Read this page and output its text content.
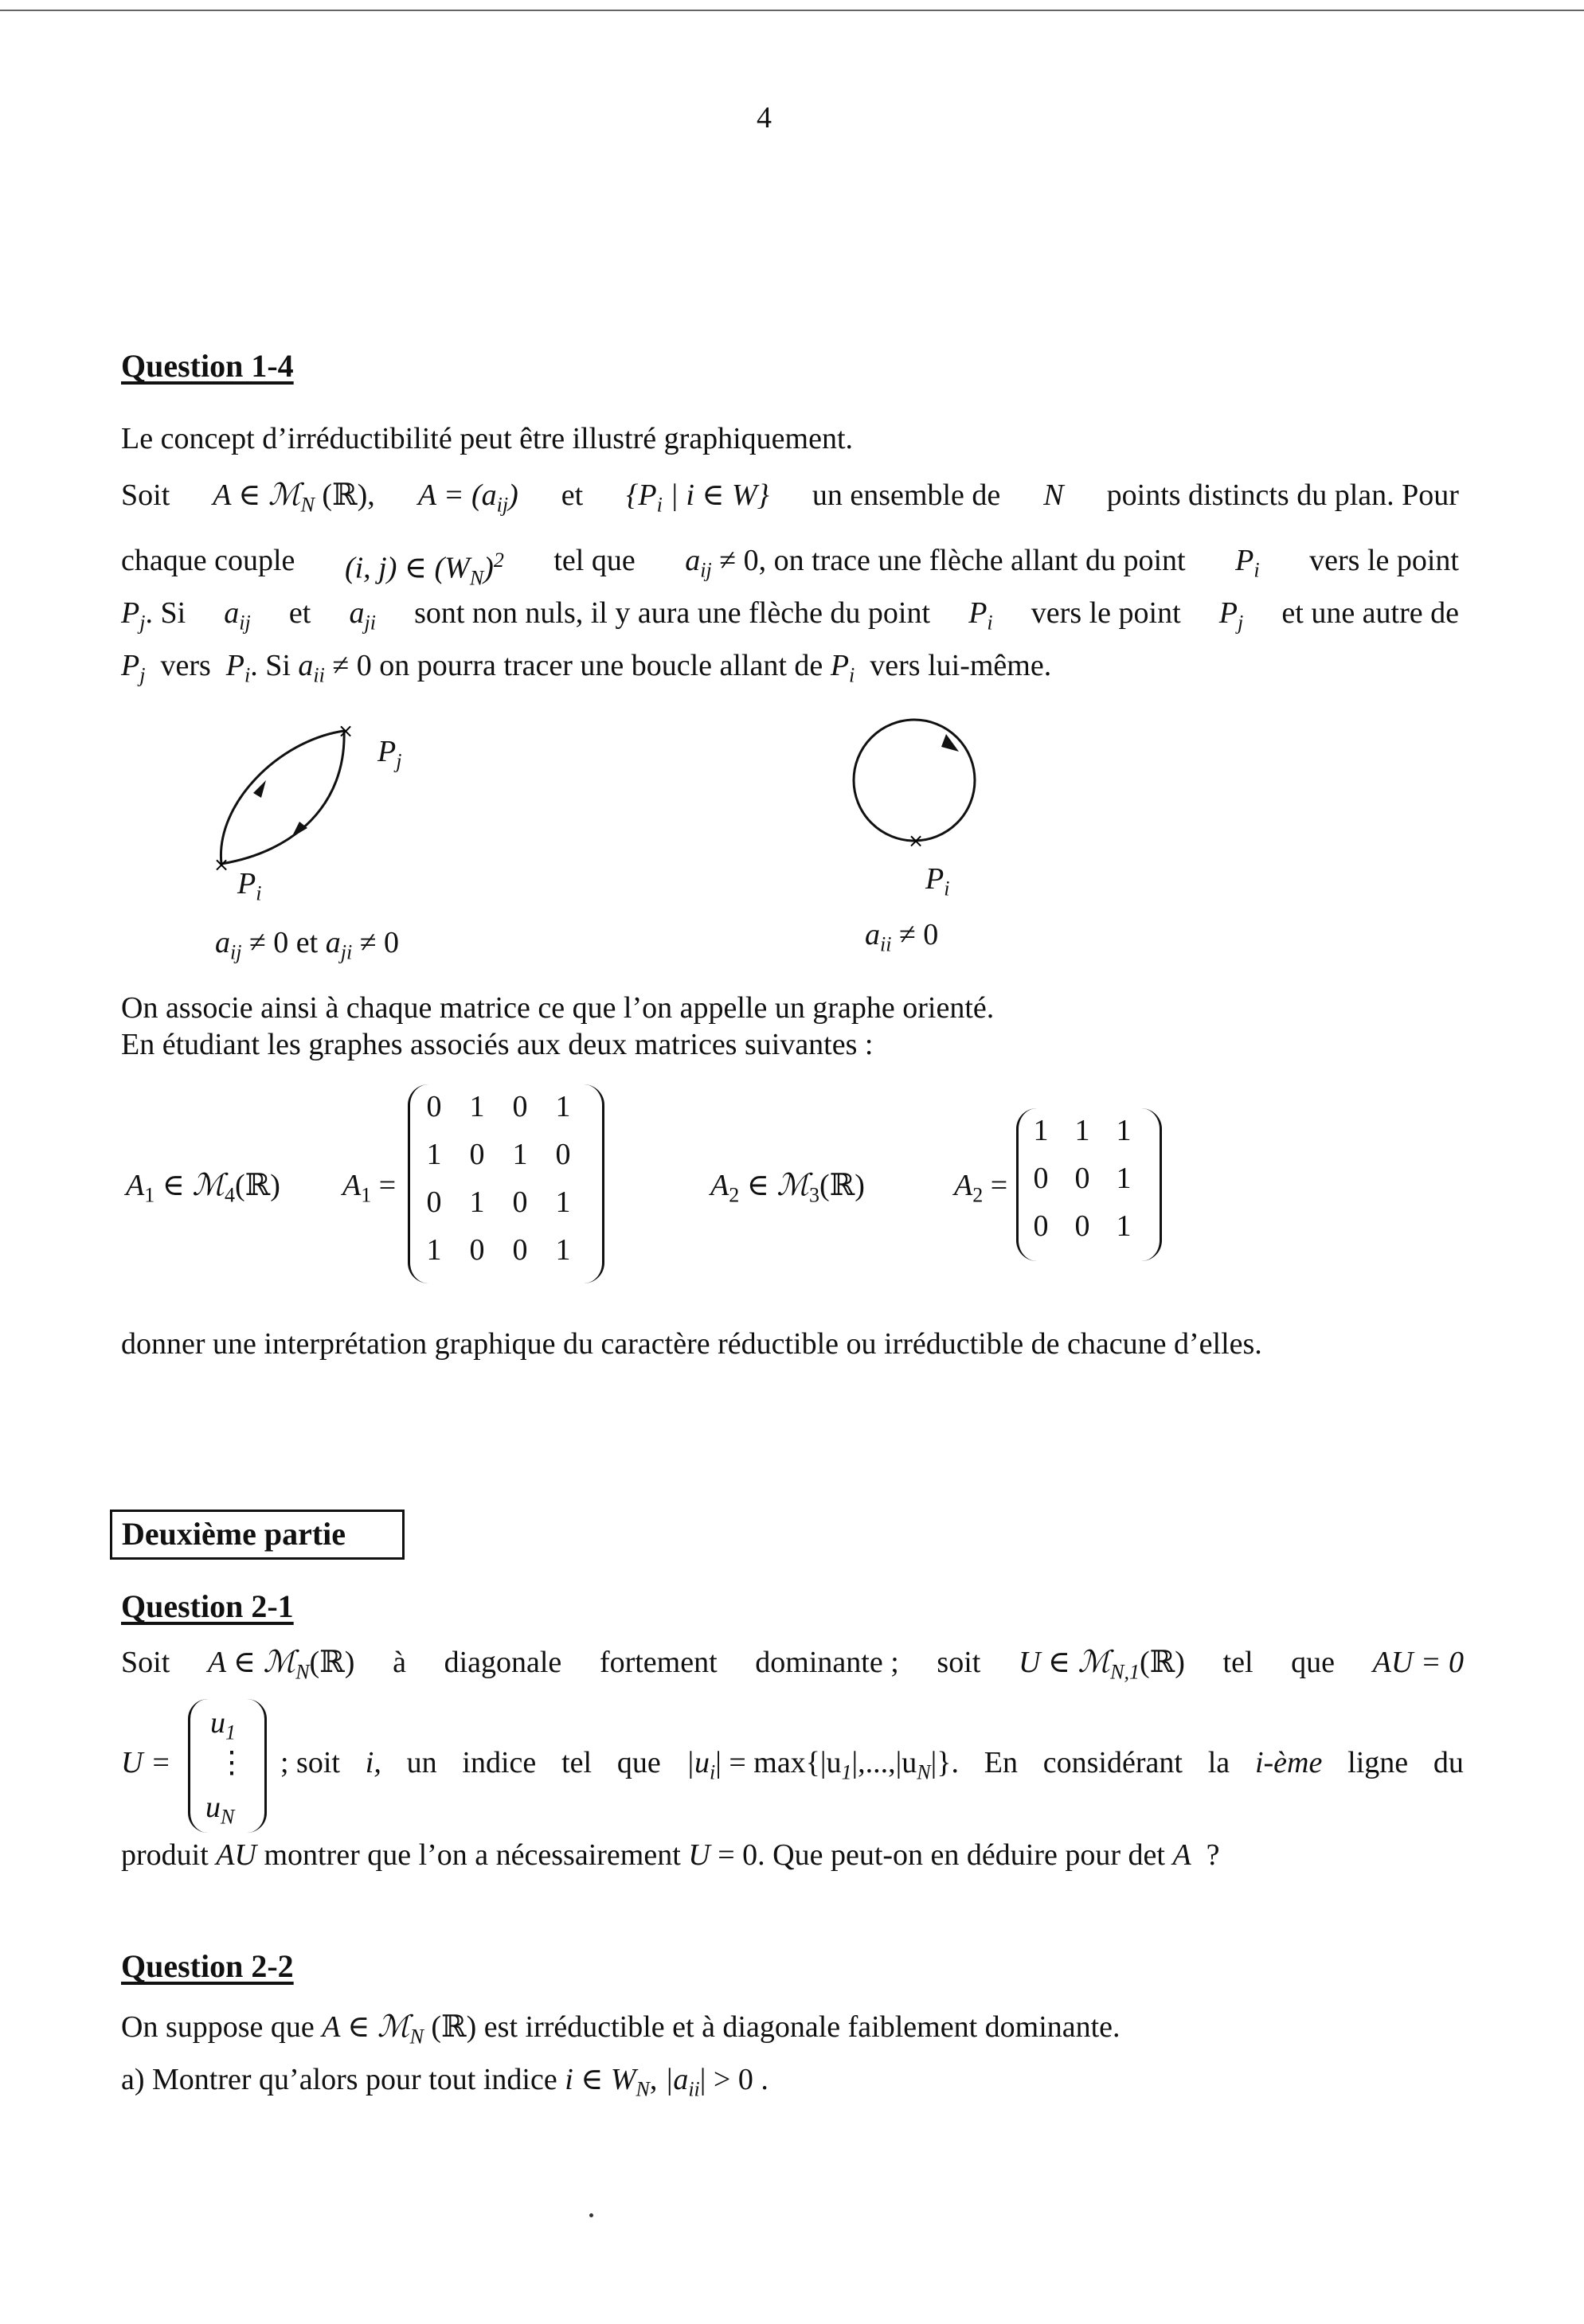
4
Question 1-4
Le concept d’irréductibilité peut être illustré graphiquement.
Soit A ∈ ℳ$_N$ (ℝ), $A = (a_{ij})$ et {$P_i$ | i ∈ W} un ensemble de N points distincts du plan. Pour
chaque couple (i, j) ∈ $(W_N)^2$ tel que $a_{ij} \ne 0$, on trace une flèche allant du point $P_i$ vers le point
$P_j$. Si $a_{ij}$ et $a_{ji}$ sont non nuls, il y aura une flèche du point $P_i$ vers le point $P_j$ et une autre de
$P_j$ vers $P_i$. Si $a_{ii} \ne 0$ on pourra tracer une boucle allant de $P_i$ vers lui-même.
×
×
$P_j$
$P_i$
$a_{ij} \ne 0$ et $a_{ji} \ne 0$
×
$P_i$
$a_{ii} \ne 0$
On associe ainsi à chaque matrice ce que l’on appelle un graphe orienté.
En étudiant les graphes associés aux deux matrices suivantes :
$A_1$ ∈ ℳ$_4$(ℝ) $A_1$ =
0 1 0 1
1 0 1 0
0 1 0 1
1 0 0 1
$A_2$ ∈ ℳ$_3$(ℝ)	$A_2$ =
1 1 1
0 0 1
0 0 1
donner une interprétation graphique du caractère réductible ou irréductible de chacune d’elles.
Deuxième partie
Question 2-1
Soit A ∈ ℳ$_N$(ℝ) à diagonale fortement dominante ; soit U ∈ ℳ$_{N,1}$(ℝ) tel que AU = 0
U =
$u_1$
⋮
$u_N$
; soit i, un indice tel que $|u_i| = \max\{|u_1|,...,|u_N|\}$. En considérant la i-ème ligne du
produit AU montrer que l’on a nécessairement U = 0. Que peut-on en déduire pour det A ?
Question 2-2
On suppose que A ∈ ℳ$_N$ (ℝ) est irréductible et à diagonale faiblement dominante.
a) Montrer qu’alors pour tout indice i ∈ $W_N$, $|a_{ii}| > 0$ .
